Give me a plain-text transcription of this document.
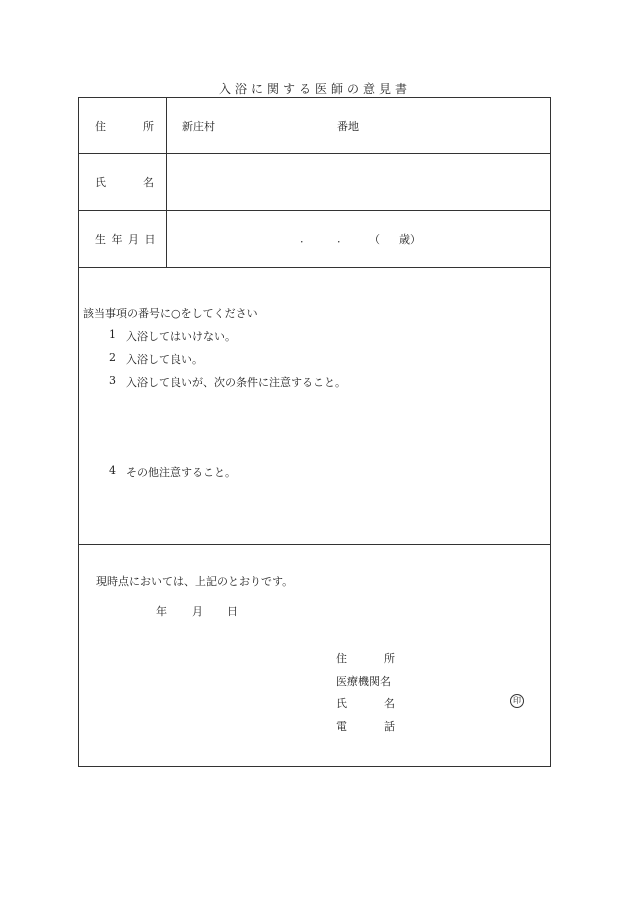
入浴に関する医師の意見書
住　　　所 新庄村	番地
氏　　　名
生 年 月 日	.	.	（ 歳）
該当事項の番号に○をしてください
1 入浴してはいけない。
2 入浴して良い。
3 入浴して良いが、次の条件に注意すること。
4 その他注意すること。
現時点においては、上記のとおりです。
年 月 日
住　　　所
医療機関名
氏　　　名	印
電　　　話
